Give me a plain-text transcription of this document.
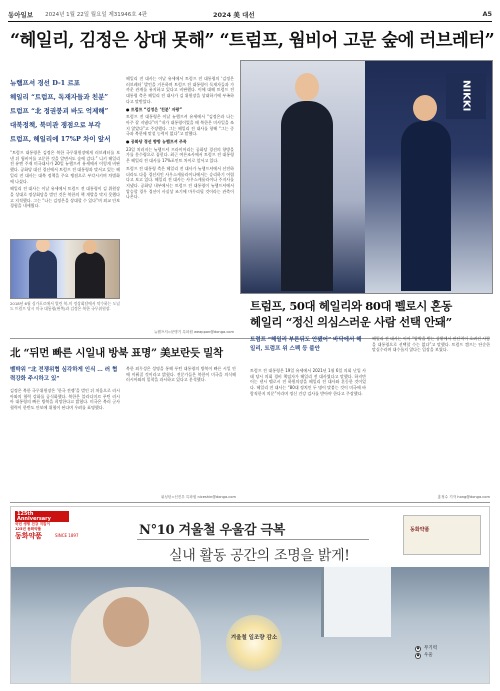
동아일보 2024년 1월 22일 월요일 제31946호 4판	2024 美 대선	A5
“헤일리, 김정은 상대 못해” “트럼프, 웜비어 고문 숲에 러브레터”
NIKKI
뉴햄프셔 경선 D-1 르포
헤일리 “트럼프, 독재자들과 친분”
트럼프 “北 정권붕괴 바도 억제해”
대북정책, 북미관 쟁점으로 부각
트럼프, 헤일리에 17%P 차이 앞서

“트럼프 대통령은 김정은 북한 국무위원장에게 러브레터를 보낸 뒤 웜비어를 고문한 것을 알면서도 숲에 갔다.” 니키 헤일리 전 유엔 주재 미국대사가 20일 뉴햄프셔 유세에서 이렇게 비판했다. 공화당 대선 경선에서 트럼프 전 대통령과 맞서고 있는 헤일리 전 대사는 대북 정책을 주요 쟁점으로 부각시키며 차별화에 나섰다.

헤일리 전 대사는 이날 유세에서 트럼프 전 대통령이 김 위원장을 상대로 정상회담을 벌인 것은 북한의 핵 개발을 막지 못했다고 지적했다. 그는 “나는 김정은을 상대할 수 있다”며 외교 안보 경험을 내세웠다.

2018년 6월 싱가포르에서 열린 북-미 정상회담에서 악수하는 도널드 트럼프 당시 미국 대통령(왼쪽)과 김정은 북한 국무위원장.

헤일리 전 대사는 이날 유세에서 트럼프 전 대통령의 ‘김정은 러브레터’ 발언을 거론하며 트럼프 전 대통령이 독재자들과 가까운 관계를 유지하고 있다고 비판했다. 이에 대해 트럼프 전 대통령 측은 헤일리 전 대사가 김 위원장을 상대하기에 부족하다고 맞받았다.

● 트럼프 “김정은 ‘친분’ 자랑”

트럼프 전 대통령은 이날 뉴햄프셔 유세에서 “김정은과 나는 아주 잘 지냈다”며 “내가 대통령이었을 때 북한은 미사일을 쏘지 않았다”고 주장했다. 그는 헤일리 전 대사를 향해 “그는 중국과 북한에 맞설 능력이 없다”고 말했다.

● 공화당 경선 향방 뉴햄프셔 주목

23일 치러지는 뉴햄프셔 프라이머리는 공화당 경선의 향방을 가를 분수령으로 꼽힌다. 최근 여론조사에서 트럼프 전 대통령은 헤일리 전 대사를 17%포인트 차이로 앞서고 있다.

트럼프 전 대통령 측은 헤일리 전 대사가 뉴햄프셔에서 선전하더라도 다음 경선지인 사우스캐롤라이나에서는 승리하기 어렵다고 보고 있다. 헤일리 전 대사는 사우스캐롤라이나 주지사를 지냈다. 공화당 내부에서는 트럼프 전 대통령이 뉴햄프셔에서 압승할 경우 경선이 사실상 조기에 마무리될 것이라는 관측이 나온다.

뉴햄프셔=문병기 특파원 weappon@donga.com
北 “뒤먼 빠른 시일내 방북 표명” 美보란듯 밀착
벨박위 “北 전쟁위협 심각하게 인식 … 러 협력강화 주시하고 있”

김정은 북한 국무위원장은 ‘한국 전쟁’을 벌인 뒤 처음으로 러시아와의 협력 강화를 공식화했다. 북한은 블라디미르 푸틴 러시아 대통령의 빠른 방북을 희망한다고 밝혔다. 미국은 북러 군사 협력이 한반도 안보에 위협이 된다며 우려를 표명했다.

북한 외무성은 성명을 통해 푸틴 대통령의 방북이 빠른 시일 안에 이뤄질 것이라고 밝혔다. 전문가들은 북한이 미국을 의식해 러시아와의 밀착을 과시하고 있다고 분석했다.

워싱턴=신진우 특파원 niceshin@donga.com
트럼프, 50대 헤일리와 80대 펠로시 혼동
헤일리 “정신 의심스러운 사람 선택 안돼”
트럼프 “헤일리 부른뒤도 안됐어” 바닥에서 헤일리, 트럼프 위 스펙 등 불안

트럼프 전 대통령은 19일 유세에서 2021년 1월 6일 의회 난입 사태 당시 의회 경비 책임자가 헤일리 전 대사였다고 말했다. 하지만 이는 낸시 펠로시 전 하원의장을 헤일리 전 대사와 혼동한 것이었다. 헤일리 전 대사는 “80대 정치인 두 명이 맞붙는 것이 미국에 바람직한지 의문”이라며 정신 건강 검사를 받아야 한다고 주장했다.

헤일리 전 대사는 이어 “압박을 받는 상황에서 판단력이 흐려진 사람을 대통령으로 선택할 수는 없다”고 말했다. 트럼프 캠프는 단순한 말실수라며 대수롭지 않다는 입장을 보였다.

홍정수 기자 hong@donga.com
125th Anniversary
국민 생명 건강 지킴이
125년 동화약품
동화약품	SINCE 1897	N°10 겨울철 우울감 극복
실내 활동 공간의 조명을 밝게!
동화약품
겨울철 일조량 감소
●	무기력
●	우울
